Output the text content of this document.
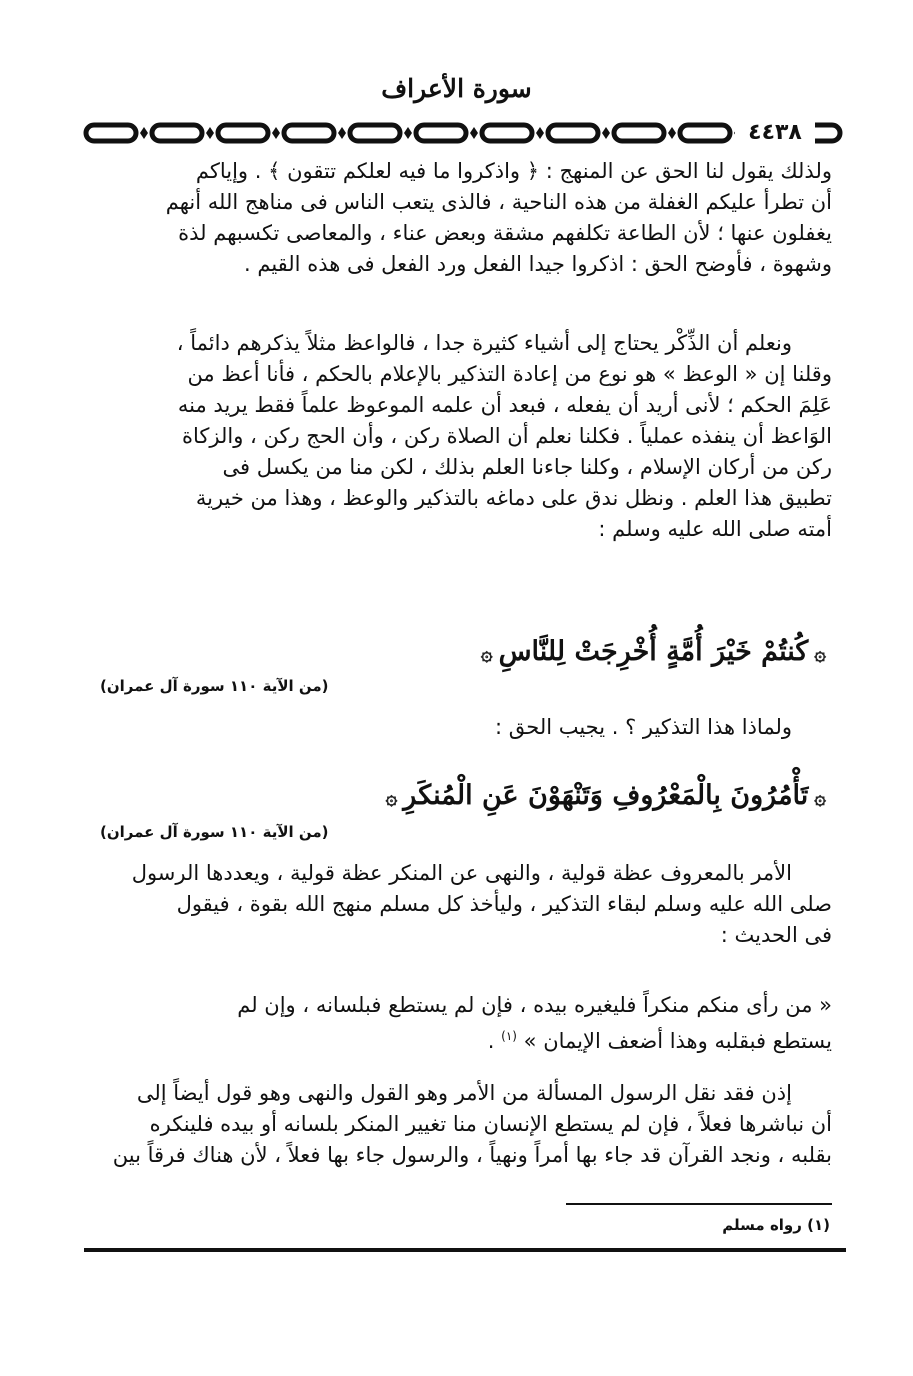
سورة الأعراف
٤٤٣٨
ولذلك يقول لنا الحق عن المنهج : ﴿ واذكروا ما فيه لعلكم تتقون ﴾ . وإياكم
أن تطرأ عليكم الغفلة من هذه الناحية ، فالذى يتعب الناس فى مناهج الله أنهم
يغفلون عنها ؛ لأن الطاعة تكلفهم مشقة وبعض عناء ، والمعاصى تكسبهم لذة
وشهوة ، فأوضح الحق : اذكروا جيدا الفعل ورد الفعل فى هذه القيم .
ونعلم أن الذِّكْر يحتاج إلى أشياء كثيرة جدا ، فالواعظ مثلاً يذكرهم دائماً ،
وقلنا إن « الوعظ » هو نوع من إعادة التذكير بالإعلام بالحكم ، فأنا أعظ من
عَلِمَ الحكم ؛ لأنى أريد أن يفعله ، فبعد أن علمه الموعوظ علماً فقط يريد منه
الوَاعظ أن ينفذه عملياً . فكلنا نعلم أن الصلاة ركن ، وأن الحج ركن ، والزكاة
ركن من أركان الإسلام ، وكلنا جاءنا العلم بذلك ، لكن منا من يكسل فى
تطبيق هذا العلم . ونظل ندق على دماغه بالتذكير والوعظ ، وهذا من خيرية
أمته صلى الله عليه وسلم :
۞كُنتُمْ خَيْرَ أُمَّةٍ أُخْرِجَتْ لِلنَّاسِ۞
(من الآية ١١٠ سورة آل عمران)
ولماذا هذا التذكير ؟ . يجيب الحق :
۞تَأْمُرُونَ بِالْمَعْرُوفِ وَتَنْهَوْنَ عَنِ الْمُنكَرِ۞
(من الآية ١١٠ سورة آل عمران)
الأمر بالمعروف عظة قولية ، والنهى عن المنكر عظة قولية ، ويعددها الرسول
صلى الله عليه وسلم لبقاء التذكير ، وليأخذ كل مسلم منهج الله بقوة ، فيقول
فى الحديث :
« من رأى منكم منكراً فليغيره بيده ، فإن لم يستطع فبلسانه ، وإن لم
يستطع فبقلبه وهذا أضعف الإيمان » $^{(١)}$ .
إذن فقد نقل الرسول المسألة من الأمر وهو القول والنهى وهو قول أيضاً إلى
أن نباشرها فعلاً ، فإن لم يستطع الإنسان منا تغيير المنكر بلسانه أو بيده فلينكره
بقلبه ، ونجد القرآن قد جاء بها أمراً ونهياً ، والرسول جاء بها فعلاً ، لأن هناك فرقاً بين
(١) رواه مسلم
